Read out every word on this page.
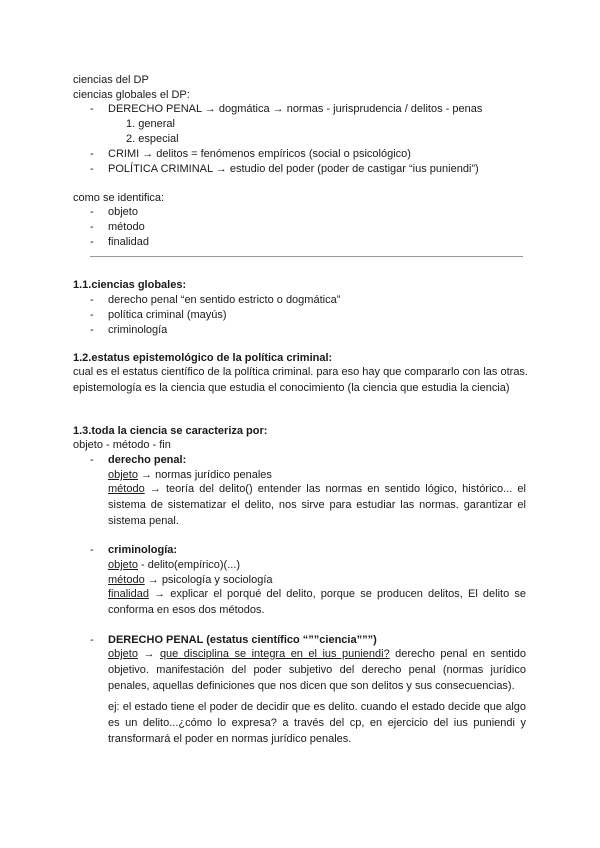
ciencias del DP
ciencias globales el DP:
- DERECHO PENAL → dogmática → normas - jurisprudencia / delitos - penas
1. general
2. especial
- CRIMI → delitos = fenómenos empíricos (social o psicológico)
- POLÍTICA CRIMINAL → estudio del poder (poder de castigar “ius puniendi”)
como se identifica:
- objeto
- método
- finalidad
1.1.ciencias globales:
- derecho penal “en sentido estricto o dogmática”
- política criminal (mayús)
- criminología
1.2.estatus epistemológico de la política criminal:
cual es el estatus científico de la política criminal. para eso hay que compararlo con las otras. epistemología es la ciencia que estudia el conocimiento (la ciencia que estudia la ciencia)
1.3.toda la ciencia se caracteriza por:
objeto - método - fin
- derecho penal:
objeto → normas jurídico penales
método → teoría del delito() entender las normas en sentido lógico, histórico... el sistema de sistematizar el delito, nos sirve para estudiar las normas. garantizar el sistema penal.
- criminología:
objeto - delito(empírico)(...)
método → psicología y sociología
finalidad → explicar el porqué del delito, porque se producen delitos, El delito se conforma en esos dos métodos.
- DERECHO PENAL (estatus científico “””ciencia”””)
objeto → que disciplina se integra en el ius puniendi? derecho penal en sentido objetivo. manifestación del poder subjetivo del derecho penal (normas jurídico penales, aquellas definiciones que nos dicen que son delitos y sus consecuencias).
ej: el estado tiene el poder de decidir que es delito. cuando el estado decide que algo es un delito...¿cómo lo expresa? a través del cp, en ejercicio del ius puniendi y transformará el poder en normas jurídico penales.
